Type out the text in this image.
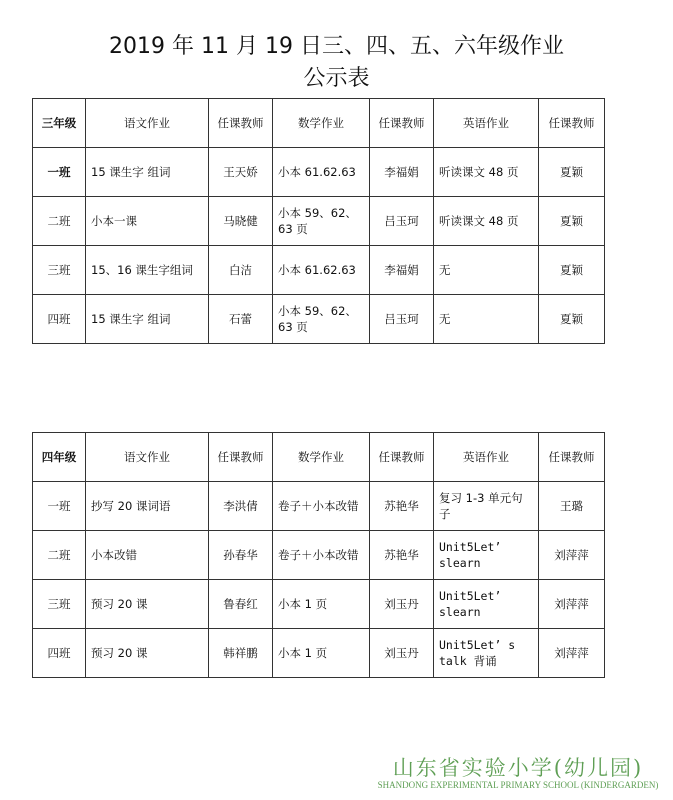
2019 年 11 月 19 日三、四、五、六年级作业
公示表
三年级	语文作业	任课教师	数学作业	任课教师	英语作业	任课教师
一班	15 课生字 组词	王天娇	小本 61.62.63	李福娟	听读课文 48 页	夏颖
二班	小本一课	马晓健	小本 59、62、63 页	吕玉珂	听读课文 48 页	夏颖
三班	15、16 课生字组词	白洁	小本 61.62.63	李福娟	无	夏颖
四班	15 课生字 组词	石蕾	小本 59、62、63 页	吕玉珂	无	夏颖
四年级	语文作业	任课教师	数学作业	任课教师	英语作业	任课教师
一班	抄写 20 课词语	李洪倩	卷子＋小本改错	苏艳华	复习 1-3 单元句子	王璐
二班	小本改错	孙春华	卷子＋小本改错	苏艳华	Unit5Let’ slearn	刘萍萍
三班	预习 20 课	鲁春红	小本 1 页	刘玉丹	Unit5Let’ slearn	刘萍萍
四班	预习 20 课	韩祥鹏	小本 1 页	刘玉丹	Unit5Let’ s talk 背诵	刘萍萍
山东省实验小学(幼儿园)
SHANDONG EXPERIMENTAL PRIMARY SCHOOL (KINDERGARDEN)
